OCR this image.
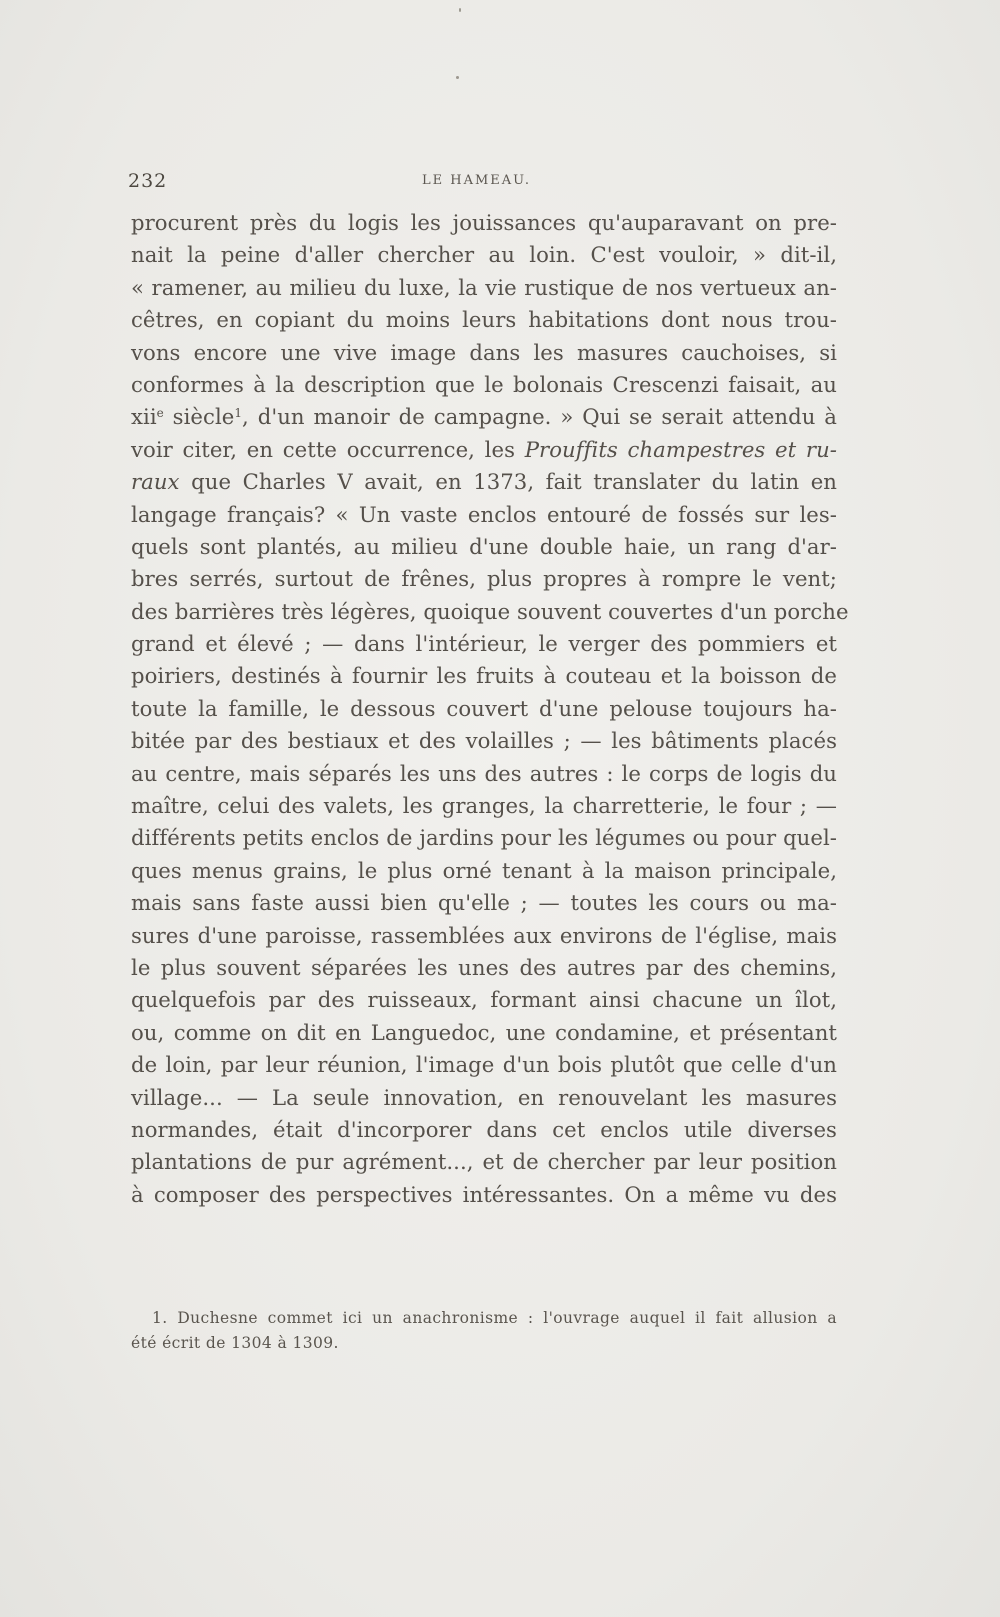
232	LE HAMEAU.
procurent près du logis les jouissances qu'auparavant on pre-
nait la peine d'aller chercher au loin. C'est vouloir, » dit-il,
« ramener, au milieu du luxe, la vie rustique de nos vertueux an-
cêtres, en copiant du moins leurs habitations dont nous trou-
vons encore une vive image dans les masures cauchoises, si
conformes à la description que le bolonais Crescenzi faisait, au
xii$^e$ siècle$^1$, d'un manoir de campagne. » Qui se serait attendu à
voir citer, en cette occurrence, les Prouffits champestres et ru-
raux que Charles V avait, en 1373, fait translater du latin en
langage français? « Un vaste enclos entouré de fossés sur les-
quels sont plantés, au milieu d'une double haie, un rang d'ar-
bres serrés, surtout de frênes, plus propres à rompre le vent;
des barrières très légères, quoique souvent couvertes d'un porche
grand et élevé ; — dans l'intérieur, le verger des pommiers et
poiriers, destinés à fournir les fruits à couteau et la boisson de
toute la famille, le dessous couvert d'une pelouse toujours ha-
bitée par des bestiaux et des volailles ; — les bâtiments placés
au centre, mais séparés les uns des autres : le corps de logis du
maître, celui des valets, les granges, la charretterie, le four ; —
différents petits enclos de jardins pour les légumes ou pour quel-
ques menus grains, le plus orné tenant à la maison principale,
mais sans faste aussi bien qu'elle ; — toutes les cours ou ma-
sures d'une paroisse, rassemblées aux environs de l'église, mais
le plus souvent séparées les unes des autres par des chemins,
quelquefois par des ruisseaux, formant ainsi chacune un îlot,
ou, comme on dit en Languedoc, une condamine, et présentant
de loin, par leur réunion, l'image d'un bois plutôt que celle d'un
village... — La seule innovation, en renouvelant les masures
normandes, était d'incorporer dans cet enclos utile diverses
plantations de pur agrément..., et de chercher par leur position
à composer des perspectives intéressantes. On a même vu des
1. Duchesne commet ici un anachronisme : l'ouvrage auquel il fait allusion a
été écrit de 1304 à 1309.
